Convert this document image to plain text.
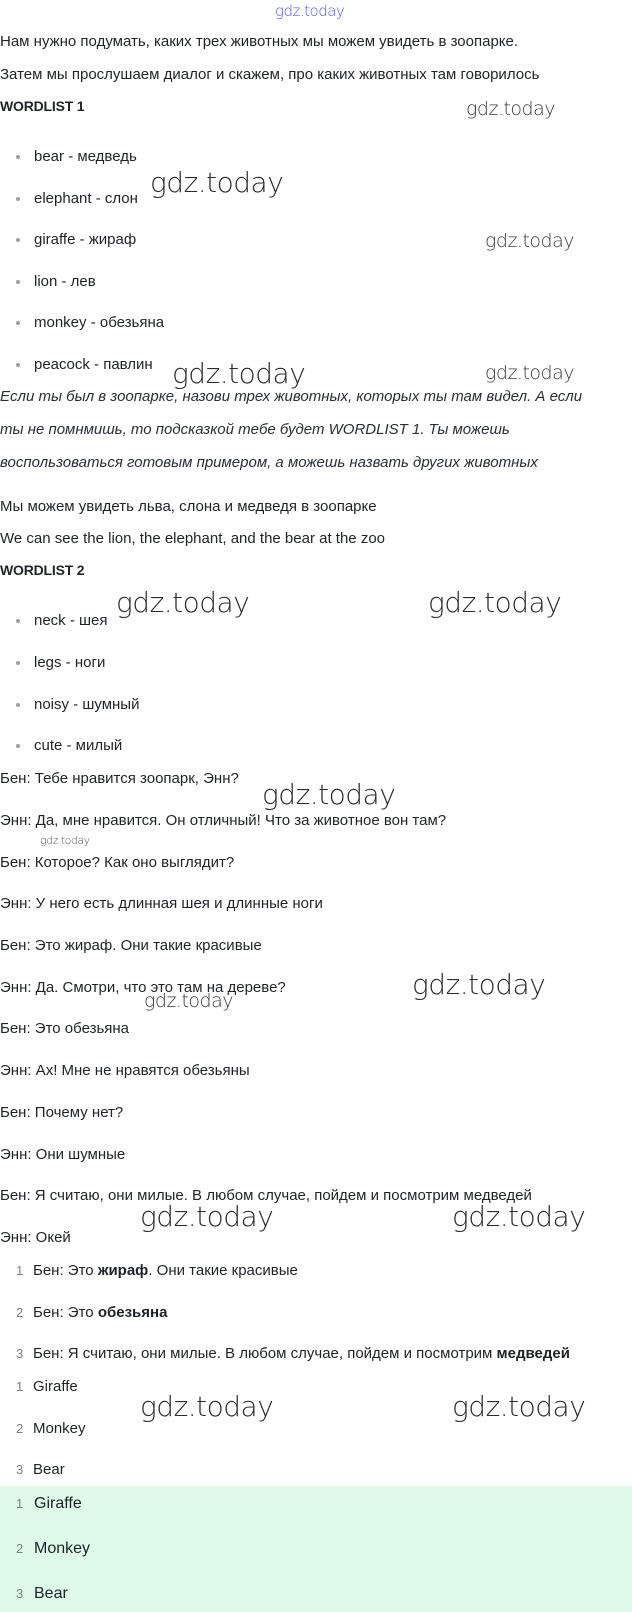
gdz.today
Нам нужно подумать, каких трех животных мы можем увидеть в зоопарке.
Затем мы прослушаем диалог и скажем, про каких животных там говорилось
WORDLIST 1
bear - медведь
elephant - слон
giraffe - жираф
lion - лев
monkey - обезьяна
peacock - павлин
Если ты был в зоопарке, назови трех животных, которых ты там видел. А если
ты не помнмишь, то подсказкой тебе будет WORDLIST 1. Ты можешь
воспользоваться готовым примером, а можешь назвать других животных
Мы можем увидеть льва, слона и медведя в зоопарке
We can see the lion, the elephant, and the bear at the zoo
WORDLIST 2
neck - шея
legs - ноги
noisy - шумный
cute - милый
Бен: Тебе нравится зоопарк, Энн?
Энн: Да, мне нравится. Он отличный! Что за животное вон там?
Бен: Которое? Как оно выглядит?
Энн: У него есть длинная шея и длинные ноги
Бен: Это жираф. Они такие красивые
Энн: Да. Смотри, что это там на дереве?
Бен: Это обезьяна
Энн: Ах! Мне не нравятся обезьяны
Бен: Почему нет?
Энн: Они шумные
Бен: Я считаю, они милые. В любом случае, пойдем и посмотрим медведей
Энн: Окей
1 Бен: Это жираф. Они такие красивые
2 Бен: Это обезьяна
3 Бен: Я считаю, они милые. В любом случае, пойдем и посмотрим медведей
1 Giraffe
2 Monkey
3 Bear
1 Giraffe
2 Monkey
3 Bear
gdz.today
gdz.today
gdz.today
gdz.today	gdz.today
gdz.today	gdz.today
gdz.today
gdz.today
gdz.today
gdz.today
gdz.today	gdz.today
gdz.today	gdz.today
